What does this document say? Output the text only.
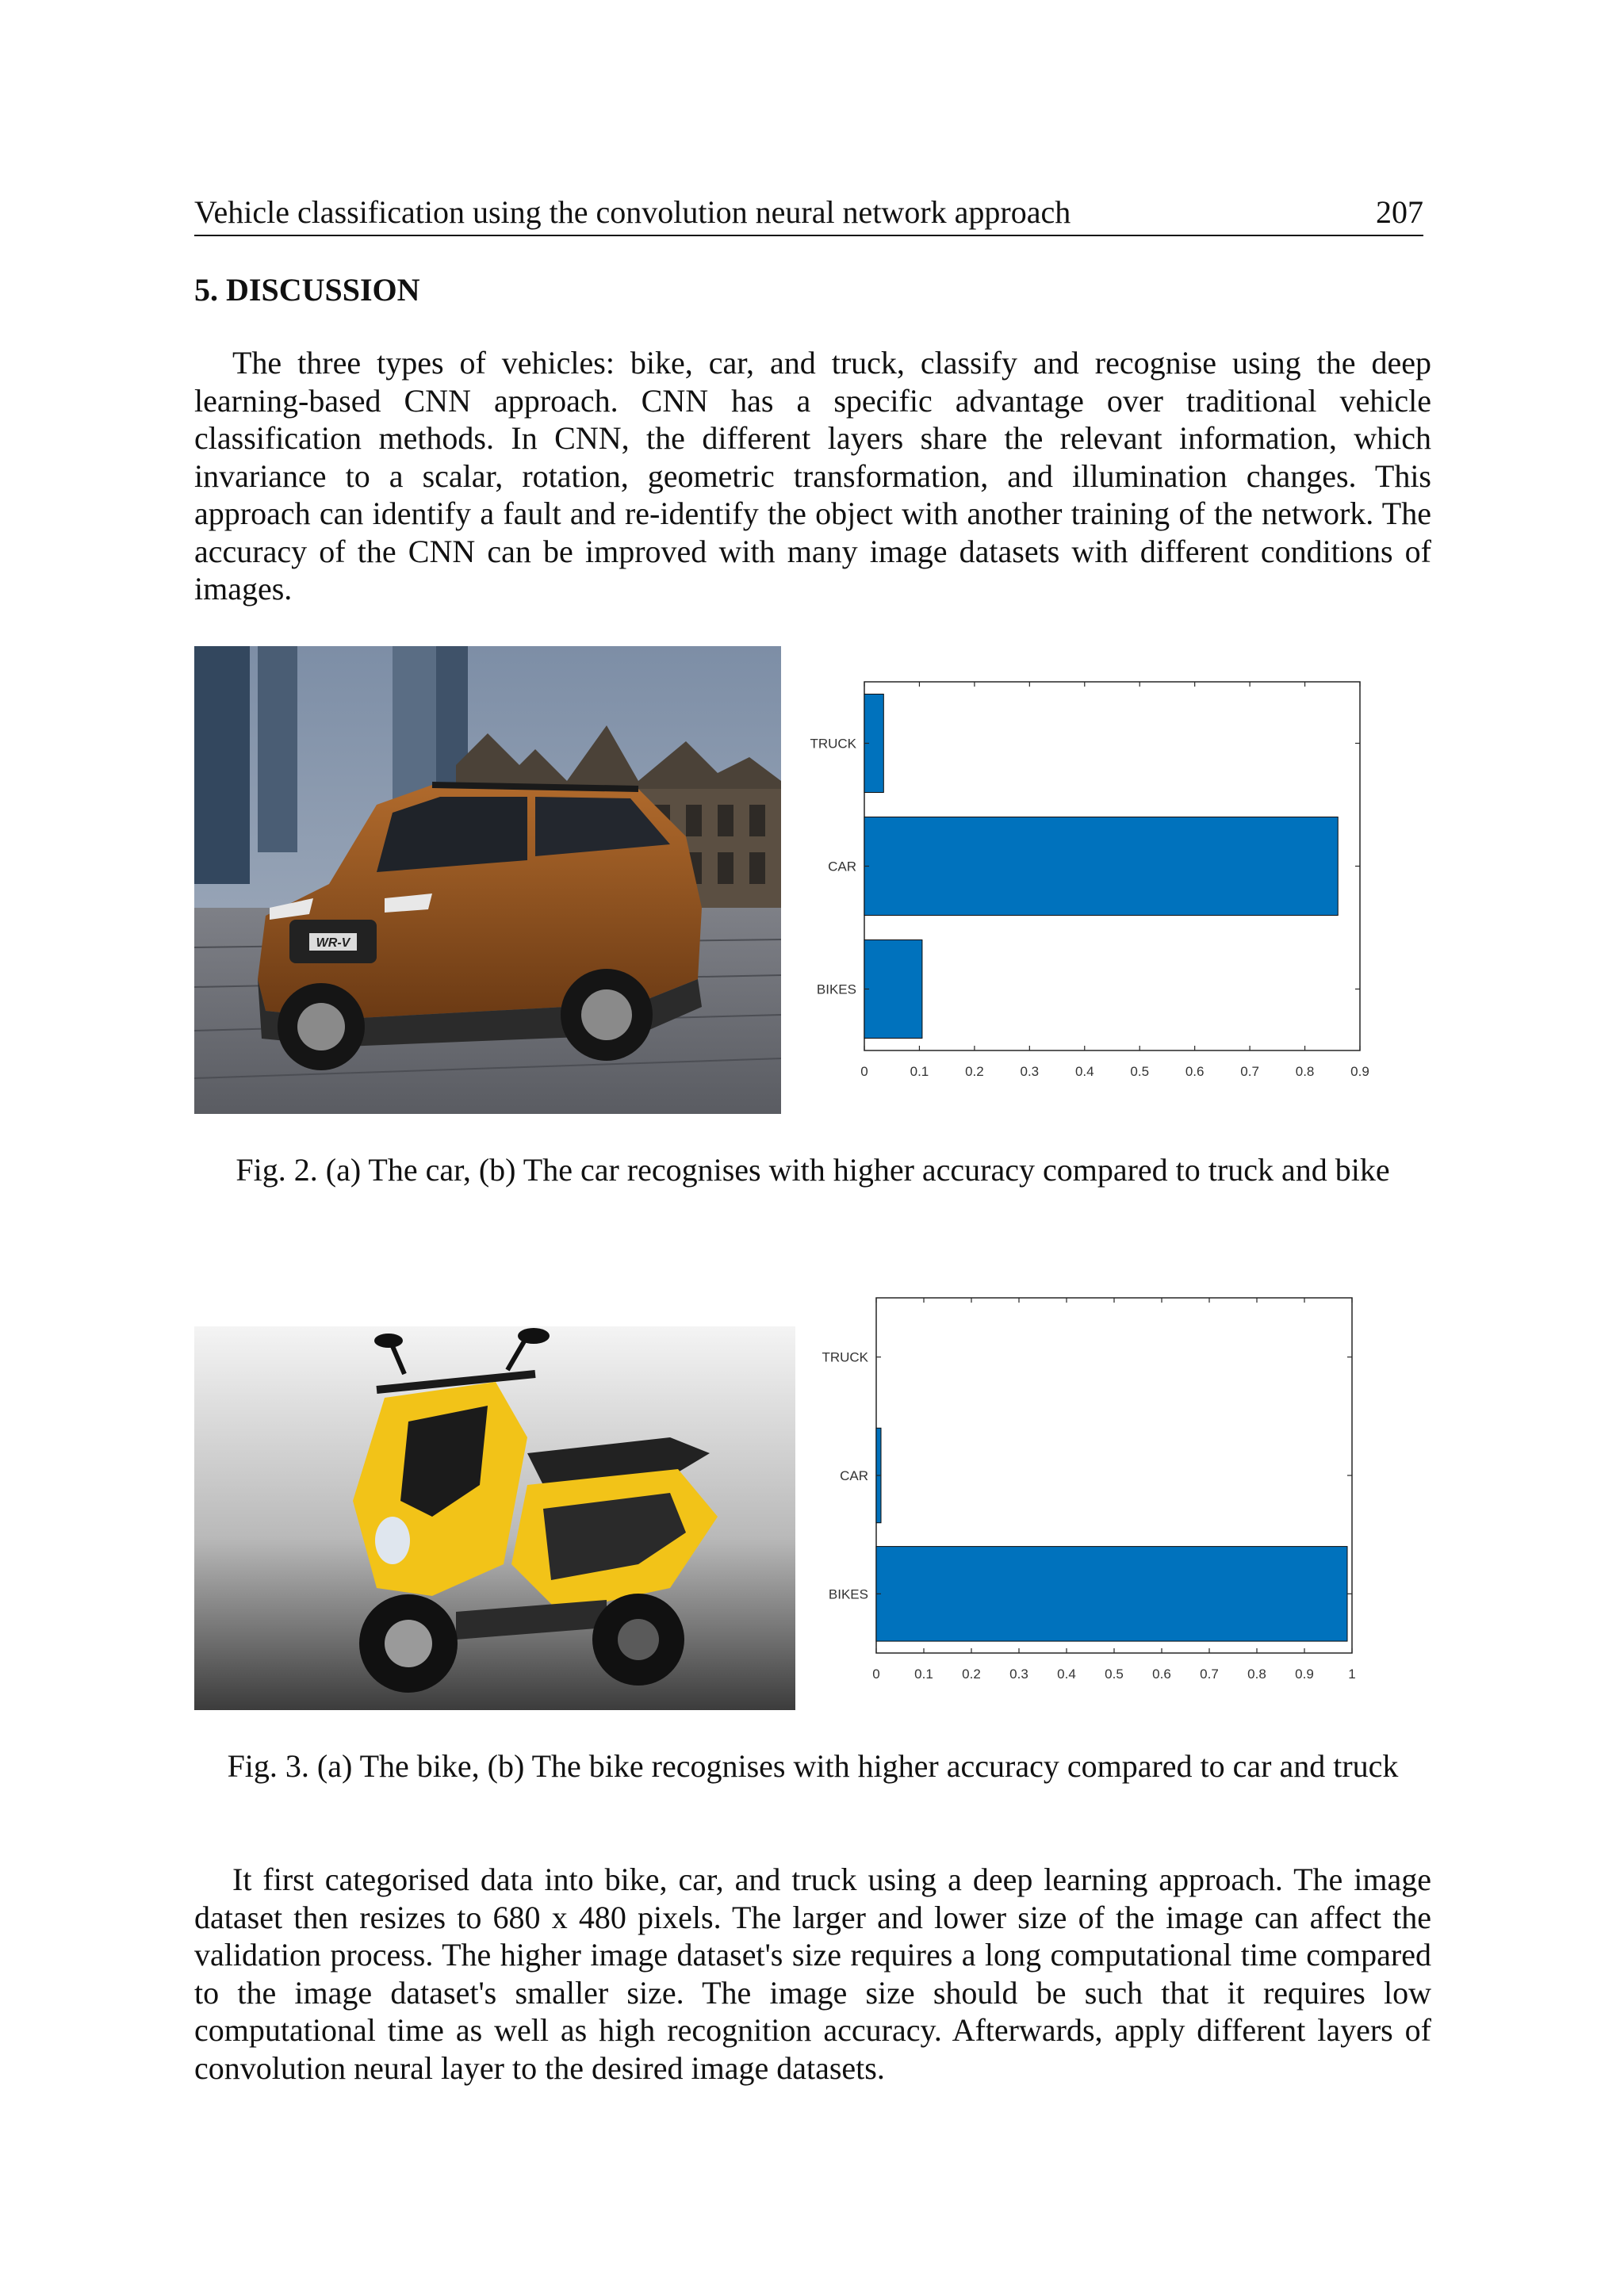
Vehicle classification using the convolution neural network approach	207
5. DISCUSSION

The three types of vehicles: bike, car, and truck, classify and recognise using the deep learning-based CNN approach. CNN has a specific advantage over traditional vehicle classification methods. In CNN, the different layers share the relevant information, which invariance to a scalar, rotation, geometric transformation, and illumination changes. This approach can identify a fault and re-identify the object with another training of the network. The accuracy of the CNN can be improved with many image datasets with different conditions of images.

WR-V
TRUCK
CAR
BIKES
0	0.1	0.2	0.3	0.4	0.5	0.6	0.7	0.8	0.9
Fig. 2. (a) The car, (b) The car recognises with higher accuracy compared to truck and bike
TRUCK
CAR
BIKES
0	0.1 0.2 0.3 0.4 0.5 0.6 0.7 0.8 0.9	1
Fig. 3. (a) The bike, (b) The bike recognises with higher accuracy compared to car and truck

It first categorised data into bike, car, and truck using a deep learning approach. The image dataset then resizes to 680 x 480 pixels. The larger and lower size of the image can affect the validation process. The higher image dataset's size requires a long computational time compared to the image dataset's smaller size. The image size should be such that it requires low computational time as well as high recognition accuracy. Afterwards, apply different layers of convolution neural layer to the desired image datasets.
